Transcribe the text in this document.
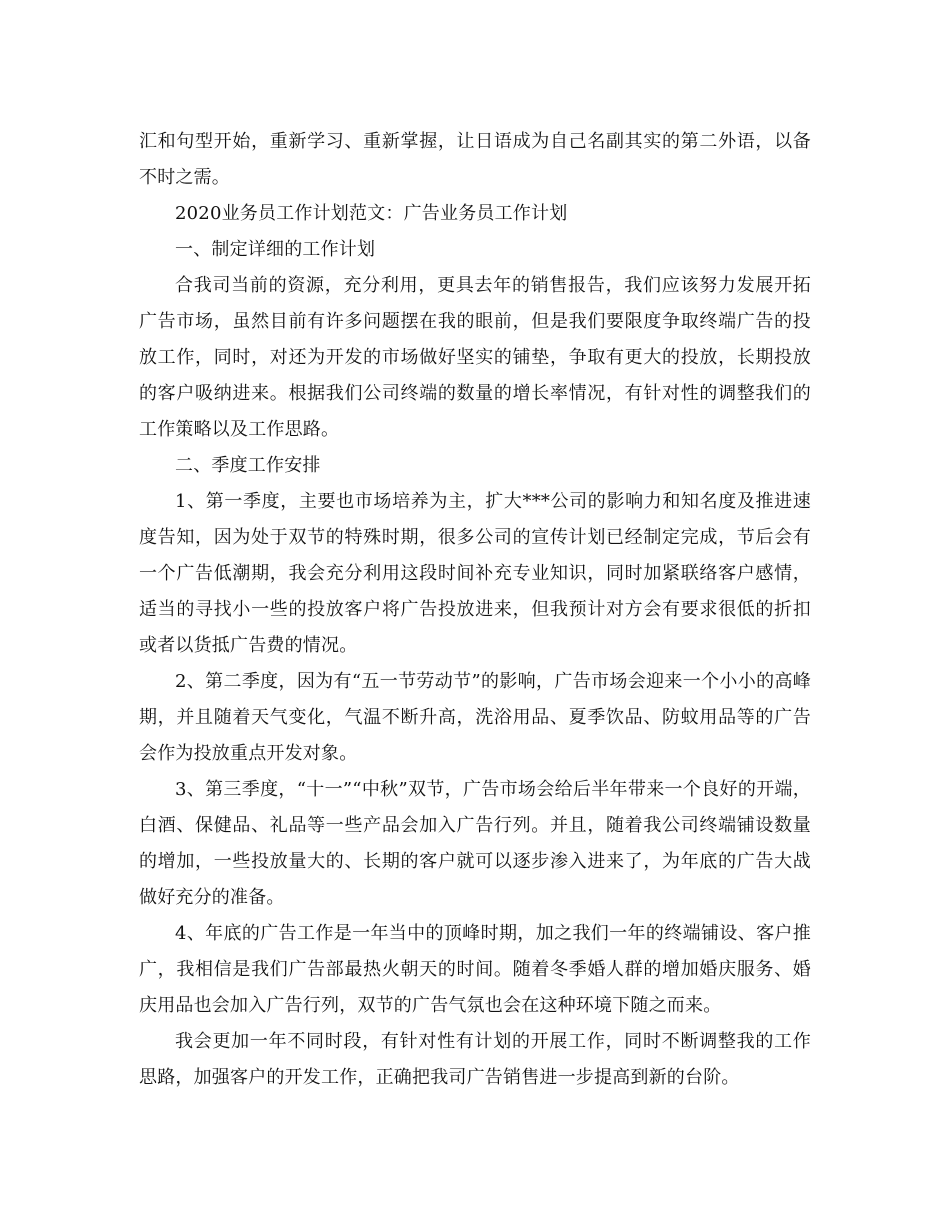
汇和句型开始，重新学习、重新掌握，让日语成为自己名副其实的第二外语，以备不时之需。

2020业务员工作计划范文：广告业务员工作计划

一、制定详细的工作计划

合我司当前的资源，充分利用，更具去年的销售报告，我们应该努力发展开拓广告市场，虽然目前有许多问题摆在我的眼前，但是我们要限度争取终端广告的投放工作，同时，对还为开发的市场做好坚实的铺垫，争取有更大的投放，长期投放的客户吸纳进来。根据我们公司终端的数量的增长率情况，有针对性的调整我们的工作策略以及工作思路。

二、季度工作安排

1、第一季度，主要也市场培养为主，扩大***公司的影响力和知名度及推进速度告知，因为处于双节的特殊时期，很多公司的宣传计划已经制定完成，节后会有一个广告低潮期，我会充分利用这段时间补充专业知识，同时加紧联络客户感情，适当的寻找小一些的投放客户将广告投放进来，但我预计对方会有要求很低的折扣或者以货抵广告费的情况。

2、第二季度，因为有“五一节劳动节”的影响，广告市场会迎来一个小小的高峰期，并且随着天气变化，气温不断升高，洗浴用品、夏季饮品、防蚊用品等的广告会作为投放重点开发对象。

3、第三季度，“十一”“中秋”双节，广告市场会给后半年带来一个良好的开端，白酒、保健品、礼品等一些产品会加入广告行列。并且，随着我公司终端铺设数量的增加，一些投放量大的、长期的客户就可以逐步渗入进来了，为年底的广告大战做好充分的准备。

4、年底的广告工作是一年当中的顶峰时期，加之我们一年的终端铺设、客户推广，我相信是我们广告部最热火朝天的时间。随着冬季婚人群的增加婚庆服务、婚庆用品也会加入广告行列，双节的广告气氛也会在这种环境下随之而来。

我会更加一年不同时段，有针对性有计划的开展工作，同时不断调整我的工作思路，加强客户的开发工作，正确把我司广告销售进一步提高到新的台阶。
